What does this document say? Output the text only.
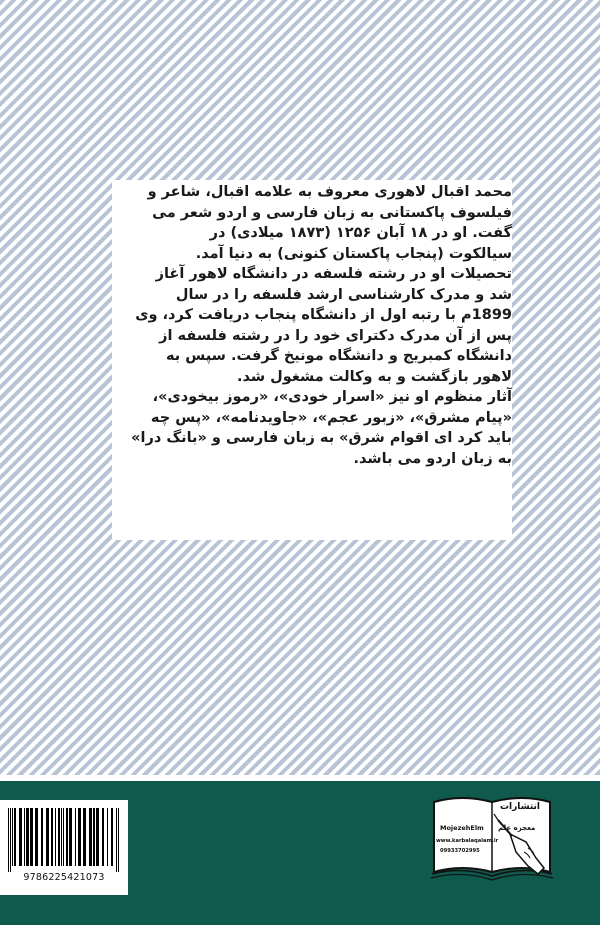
محمد اقبال لاهوری معروف به علامه اقبال، شاعر و
فیلسوف پاکستانی به زبان فارسی و اردو شعر می
گفت. او در ۱۸ آبان ۱۲۵۶ (۱۸۷۳ میلادی) در
سیالکوت (پنجاب پاکستان کنونی) به دنیا آمد.
تحصیلات او در رشته فلسفه در دانشگاه لاهور آغاز
شد و مدرک کارشناسی ارشد فلسفه را در سال
1899م با رتبه اول از دانشگاه پنجاب دریافت کرد، وی
پس از آن مدرک دکترای خود را در رشته فلسفه از
دانشگاه کمبریج و دانشگاه مونیخ گرفت. سپس به
لاهور بازگشت و به وکالت مشغول شد.
آثار منظوم او نیز «اسرار خودی»، «رموز بیخودی»،
«پیام مشرق»، «زبور عجم»، «جاویدنامه»، «پس چه
باید کرد ای اقوام شرق» به زبان فارسی و «بانگ درا»
به زبان اردو می باشد.
9786225421073
انتشارات
MojezehElm معجزه علم
www.karbalaqalam.ir
09933702995
